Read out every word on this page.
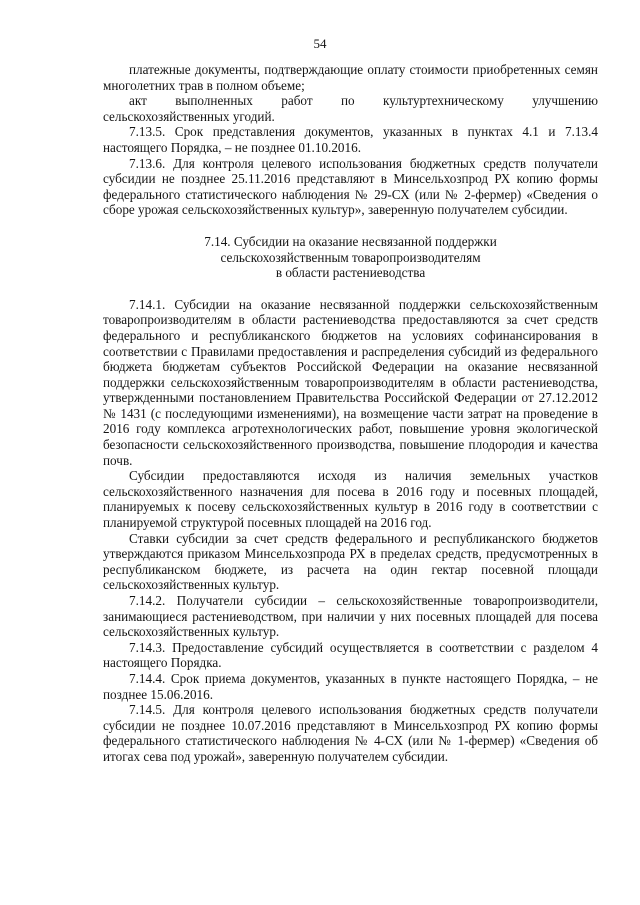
54

платежные документы, подтверждающие оплату стоимости приобретенных семян многолетних трав в полном объеме;

акт выполненных работ по культуртехническому улучшению сельскохозяйственных угодий.

7.13.5. Срок представления документов, указанных в пунктах 4.1 и 7.13.4 настоящего Порядка, – не позднее 01.10.2016.

7.13.6. Для контроля целевого использования бюджетных средств получатели субсидии не позднее 25.11.2016 представляют в Минсельхозпрод РХ копию формы федерального статистического наблюдения № 29-СХ (или № 2-фермер) «Сведения о сборе урожая сельскохозяйственных культур», заверенную получателем субсидии.

7.14. Субсидии на оказание несвязанной поддержки
сельскохозяйственным товаропроизводителям
в области растениеводства

7.14.1. Субсидии на оказание несвязанной поддержки сельскохозяйственным товаропроизводителям в области растениеводства предоставляются за счет средств федерального и республиканского бюджетов на условиях софинансирования в соответствии с Правилами предоставления и распределения субсидий из федерального бюджета бюджетам субъектов Российской Федерации на оказание несвязанной поддержки сельскохозяйственным товаропроизводителям в области растениеводства, утвержденными постановлением Правительства Российской Федерации от 27.12.2012 № 1431 (с последующими изменениями), на возмещение части затрат на проведение в 2016 году комплекса агротехнологических работ, повышение уровня экологической безопасности сельскохозяйственного производства, повышение плодородия и качества почв.

Субсидии предоставляются исходя из наличия земельных участков сельскохозяйственного назначения для посева в 2016 году и посевных площадей, планируемых к посеву сельскохозяйственных культур в 2016 году в соответствии с планируемой структурой посевных площадей на 2016 год.

Ставки субсидии за счет средств федерального и республиканского бюджетов утверждаются приказом Минсельхозпрода РХ в пределах средств, предусмотренных в республиканском бюджете, из расчета на один гектар посевной площади сельскохозяйственных культур.

7.14.2. Получатели субсидии – сельскохозяйственные товаропроизводители, занимающиеся растениеводством, при наличии у них посевных площадей для посева сельскохозяйственных культур.

7.14.3. Предоставление субсидий осуществляется в соответствии с разделом 4 настоящего Порядка.

7.14.4. Срок приема документов, указанных в пункте настоящего Порядка, – не позднее 15.06.2016.

7.14.5. Для контроля целевого использования бюджетных средств получатели субсидии не позднее 10.07.2016 представляют в Минсельхозпрод РХ копию формы федерального статистического наблюдения № 4-СХ (или № 1-фермер) «Сведения об итогах сева под урожай», заверенную получателем субсидии.
